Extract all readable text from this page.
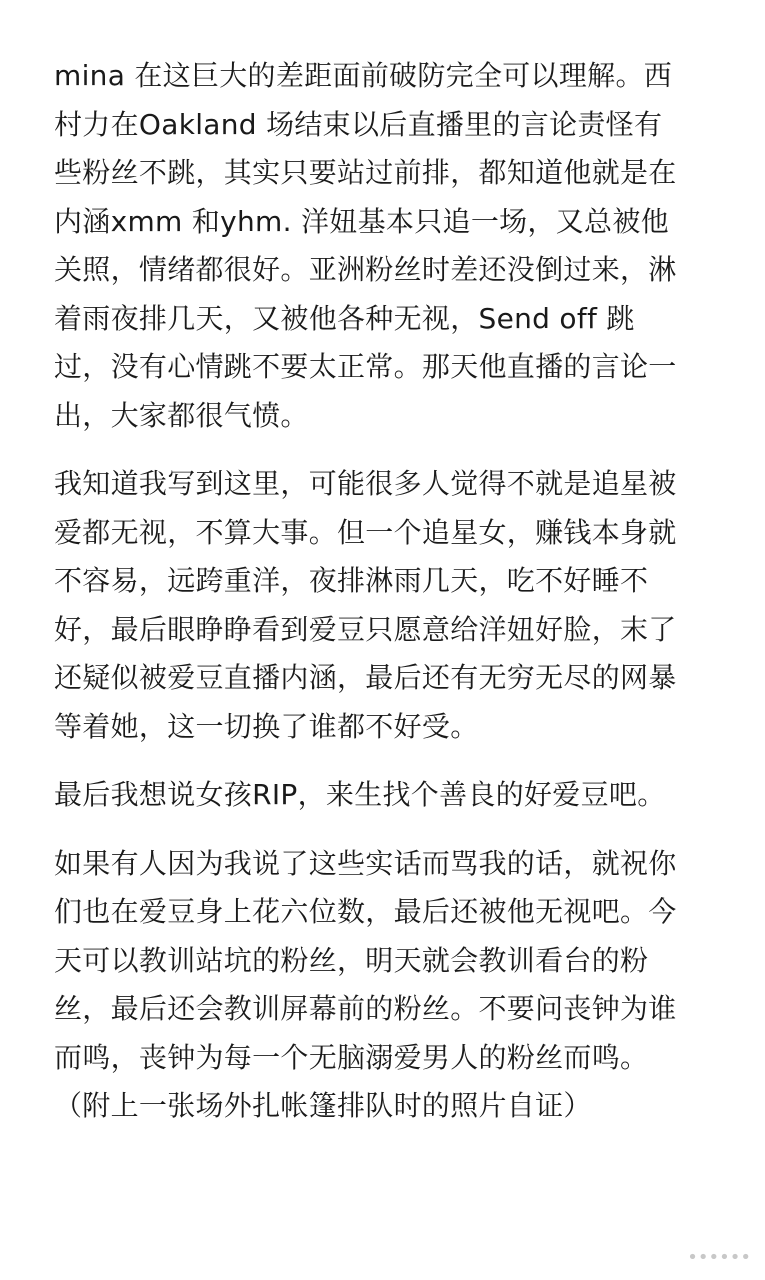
mina 在这巨大的差距面前破防完全可以理解。西
村力在Oakland 场结束以后直播里的言论责怪有
些粉丝不跳，其实只要站过前排，都知道他就是在
内涵xmm 和yhm. 洋妞基本只追一场，又总被他
关照，情绪都很好。亚洲粉丝时差还没倒过来，淋
着雨夜排几天，又被他各种无视，Send off 跳
过，没有心情跳不要太正常。那天他直播的言论一
出，大家都很气愤。
我知道我写到这里，可能很多人觉得不就是追星被
爱都无视，不算大事。但一个追星女，赚钱本身就
不容易，远跨重洋，夜排淋雨几天，吃不好睡不
好，最后眼睁睁看到爱豆只愿意给洋妞好脸，末了
还疑似被爱豆直播内涵，最后还有无穷无尽的网暴
等着她，这一切换了谁都不好受。
最后我想说女孩RIP，来生找个善良的好爱豆吧。
如果有人因为我说了这些实话而骂我的话，就祝你
们也在爱豆身上花六位数，最后还被他无视吧。今
天可以教训站坑的粉丝，明天就会教训看台的粉
丝，最后还会教训屏幕前的粉丝。不要问丧钟为谁
而鸣，丧钟为每一个无脑溺爱男人的粉丝而鸣。
（附上一张场外扎帐篷排队时的照片自证）
••••••
